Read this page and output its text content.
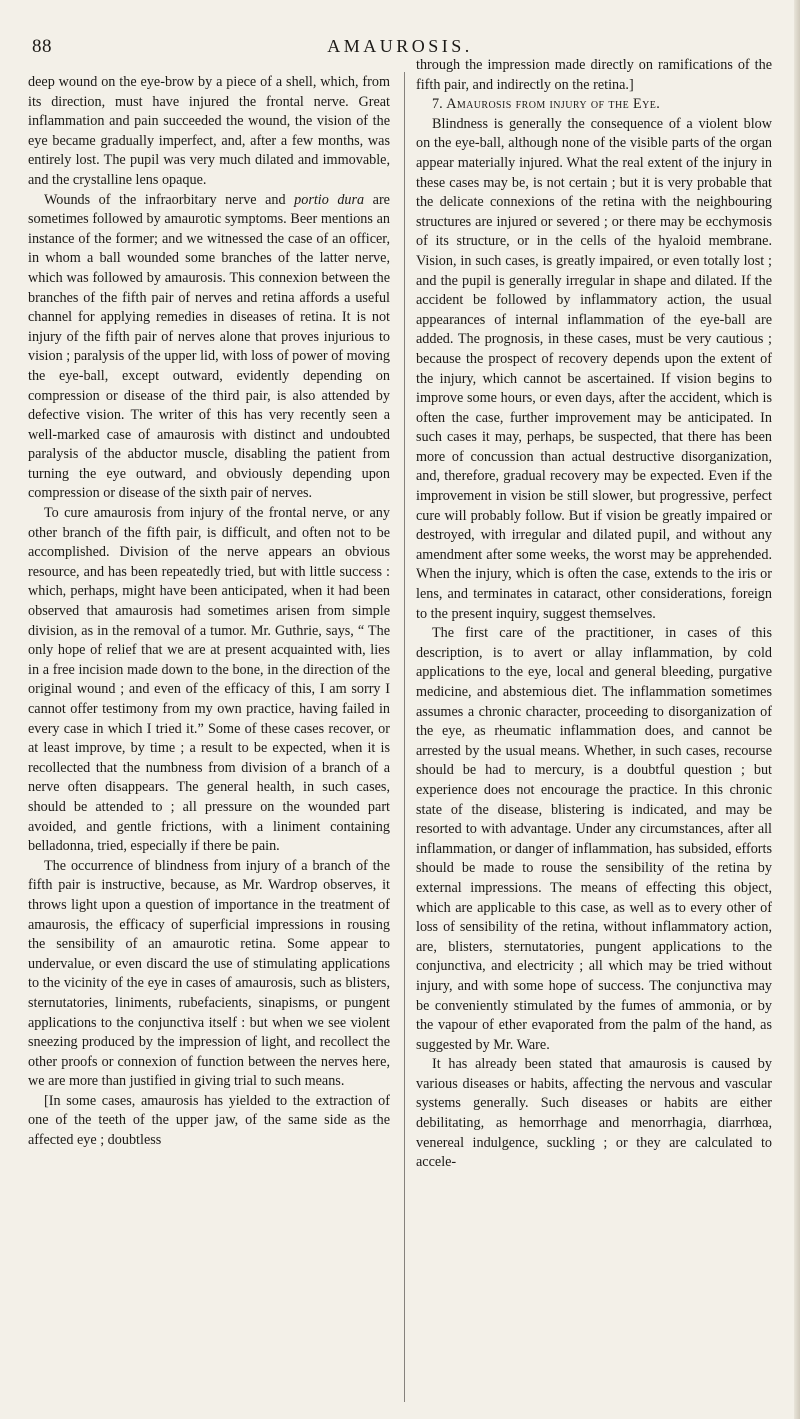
88	AMAUROSIS.

deep wound on the eye-brow by a piece of a shell, which, from its direction, must have injured the frontal nerve. Great inflammation and pain succeeded the wound, the vision of the eye became gradually imperfect, and, after a few months, was entirely lost. The pupil was very much dilated and immovable, and the crystalline lens opaque.

Wounds of the infraorbitary nerve and portio dura are sometimes followed by amaurotic symptoms. Beer mentions an instance of the former; and we witnessed the case of an officer, in whom a ball wounded some branches of the latter nerve, which was followed by amaurosis. This connexion between the branches of the fifth pair of nerves and retina affords a useful channel for applying remedies in diseases of retina. It is not injury of the fifth pair of nerves alone that proves injurious to vision ; paralysis of the upper lid, with loss of power of moving the eye-ball, except outward, evidently depending on compression or disease of the third pair, is also attended by defective vision. The writer of this has very recently seen a well-marked case of amaurosis with distinct and undoubted paralysis of the abductor muscle, disabling the patient from turning the eye outward, and obviously depending upon compression or disease of the sixth pair of nerves.

To cure amaurosis from injury of the frontal nerve, or any other branch of the fifth pair, is difficult, and often not to be accomplished. Division of the nerve appears an obvious resource, and has been repeatedly tried, but with little success : which, perhaps, might have been anticipated, when it had been observed that amaurosis had sometimes arisen from simple division, as in the removal of a tumor. Mr. Guthrie, says, “ The only hope of relief that we are at present acquainted with, lies in a free incision made down to the bone, in the direction of the original wound ; and even of the efficacy of this, I am sorry I cannot offer testimony from my own practice, having failed in every case in which I tried it.” Some of these cases recover, or at least improve, by time ; a result to be expected, when it is recollected that the numbness from division of a branch of a nerve often disappears. The general health, in such cases, should be attended to ; all pressure on the wounded part avoided, and gentle frictions, with a liniment containing belladonna, tried, especially if there be pain.

The occurrence of blindness from injury of a branch of the fifth pair is instructive, because, as Mr. Wardrop observes, it throws light upon a question of importance in the treatment of amaurosis, the efficacy of superficial impressions in rousing the sensibility of an amaurotic retina. Some appear to undervalue, or even discard the use of stimulating applications to the vicinity of the eye in cases of amaurosis, such as blisters, sternutatories, liniments, rubefacients, sinapisms, or pungent applications to the conjunctiva itself : but when we see violent sneezing produced by the impression of light, and recollect the other proofs or connexion of function between the nerves here, we are more than justified in giving trial to such means.

[In some cases, amaurosis has yielded to the extraction of one of the teeth of the upper jaw, of the same side as the affected eye ; doubtless

through the impression made directly on ramifications of the fifth pair, and indirectly on the retina.]

7. Amaurosis from injury of the Eye.

Blindness is generally the consequence of a violent blow on the eye-ball, although none of the visible parts of the organ appear materially injured. What the real extent of the injury in these cases may be, is not certain ; but it is very probable that the delicate connexions of the retina with the neighbouring structures are injured or severed ; or there may be ecchymosis of its structure, or in the cells of the hyaloid membrane. Vision, in such cases, is greatly impaired, or even totally lost ; and the pupil is generally irregular in shape and dilated. If the accident be followed by inflammatory action, the usual appearances of internal inflammation of the eye-ball are added. The prognosis, in these cases, must be very cautious ; because the prospect of recovery depends upon the extent of the injury, which cannot be ascertained. If vision begins to improve some hours, or even days, after the accident, which is often the case, further improvement may be anticipated. In such cases it may, perhaps, be suspected, that there has been more of concussion than actual destructive disorganization, and, therefore, gradual recovery may be expected. Even if the improvement in vision be still slower, but progressive, perfect cure will probably follow. But if vision be greatly impaired or destroyed, with irregular and dilated pupil, and without any amendment after some weeks, the worst may be apprehended. When the injury, which is often the case, extends to the iris or lens, and terminates in cataract, other considerations, foreign to the present inquiry, suggest themselves.

The first care of the practitioner, in cases of this description, is to avert or allay inflammation, by cold applications to the eye, local and general bleeding, purgative medicine, and abstemious diet. The inflammation sometimes assumes a chronic character, proceeding to disorganization of the eye, as rheumatic inflammation does, and cannot be arrested by the usual means. Whether, in such cases, recourse should be had to mercury, is a doubtful question ; but experience does not encourage the practice. In this chronic state of the disease, blistering is indicated, and may be resorted to with advantage. Under any circumstances, after all inflammation, or danger of inflammation, has subsided, efforts should be made to rouse the sensibility of the retina by external impressions. The means of effecting this object, which are applicable to this case, as well as to every other of loss of sensibility of the retina, without inflammatory action, are, blisters, sternutatories, pungent applications to the conjunctiva, and electricity ; all which may be tried without injury, and with some hope of success. The conjunctiva may be conveniently stimulated by the fumes of ammonia, or by the vapour of ether evaporated from the palm of the hand, as suggested by Mr. Ware.

It has already been stated that amaurosis is caused by various diseases or habits, affecting the nervous and vascular systems generally. Such diseases or habits are either debilitating, as hemorrhage and menorrhagia, diarrhœa, venereal indulgence, suckling ; or they are calculated to accele-
